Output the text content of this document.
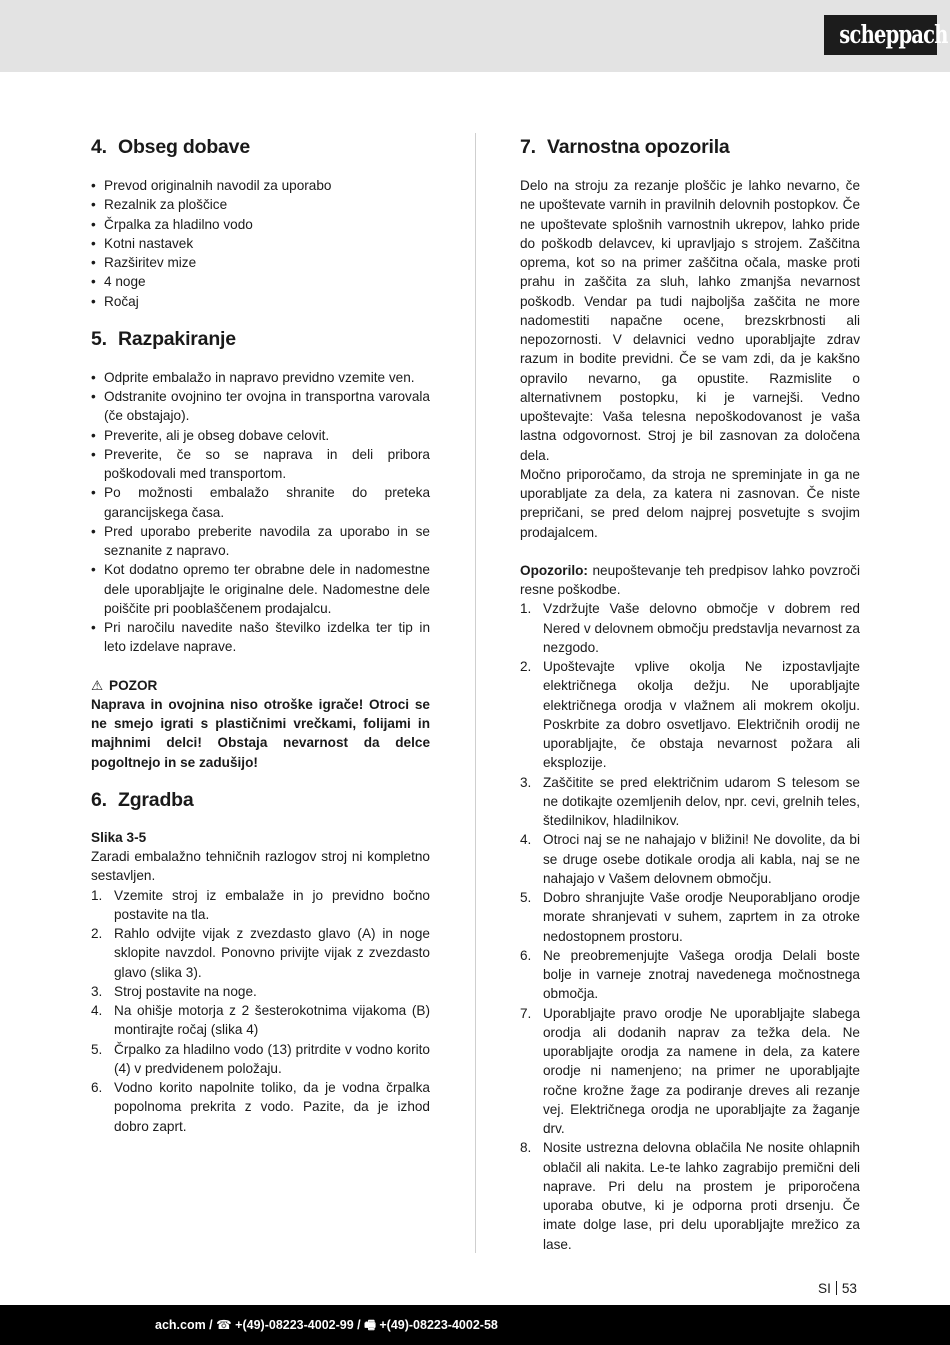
scheppach
4. Obseg dobave
• Prevod originalnih navodil za uporabo
• Rezalnik za ploščice
• Črpalka za hladilno vodo
• Kotni nastavek
• Razširitev mize
• 4 noge
• Ročaj
5. Razpakiranje
• Odprite embalažo in napravo previdno vzemite ven.
• Odstranite ovojnino ter ovojna in transportna varovala (če obstajajo).
• Preverite, ali je obseg dobave celovit.
• Preverite, če so se naprava in deli pribora poškodovali med transportom.
• Po možnosti embalažo shranite do preteka garancijskega časa.
• Pred uporabo preberite navodila za uporabo in se seznanite z napravo.
• Kot dodatno opremo ter obrabne dele in nadomestne dele uporabljajte le originalne dele. Nadomestne dele poiščite pri pooblaščenem prodajalcu.
• Pri naročilu navedite našo številko izdelka ter tip in leto izdelave naprave.
⚠ POZOR
Naprava in ovojnina niso otroške igrače! Otroci se ne smejo igrati s plastičnimi vrečkami, folijami in majhnimi delci! Obstaja nevarnost da delce pogoltnejo in se zadušijo!
6. Zgradba
Slika 3-5
Zaradi embalažno tehničnih razlogov stroj ni kompletno sestavljen.
1. Vzemite stroj iz embalaže in jo previdno bočno postavite na tla.
2. Rahlo odvijte vijak z zvezdasto glavo (A) in noge sklopite navzdol. Ponovno privijte vijak z zvezdasto glavo (slika 3).
3. Stroj postavite na noge.
4. Na ohišje motorja z 2 šesterokotnima vijakoma (B) montirajte ročaj (slika 4)
5. Črpalko za hladilno vodo (13) pritrdite v vodno korito (4) v predvidenem položaju.
6. Vodno korito napolnite toliko, da je vodna črpalka popolnoma prekrita z vodo. Pazite, da je izhod dobro zaprt.
7. Varnostna opozorila
Delo na stroju za rezanje ploščic je lahko nevarno, če ne upoštevate varnih in pravilnih delovnih postopkov. Če ne upoštevate splošnih varnostnih ukrepov, lahko pride do poškodb delavcev, ki upravljajo s strojem. Zaščitna oprema, kot so na primer zaščitna očala, maske proti prahu in zaščita za sluh, lahko zmanjša nevarnost poškodb. Vendar pa tudi najboljša zaščita ne more nadomestiti napačne ocene, brezskrbnosti ali nepozornosti. V delavnici vedno uporabljajte zdrav razum in bodite previdni. Če se vam zdi, da je kakšno opravilo nevarno, ga opustite. Razmislite o alternativnem postopku, ki je varnejši. Vedno upoštevajte: Vaša telesna nepoškodovanost je vaša lastna odgovornost. Stroj je bil zasnovan za določena dela.
Močno priporočamo, da stroja ne spreminjate in ga ne uporabljate za dela, za katera ni zasnovan. Če niste prepričani, se pred delom najprej posvetujte s svojim prodajalcem.
Opozorilo: neupoštevanje teh predpisov lahko povzroči resne poškodbe.
1. Vzdržujte Vaše delovno območje v dobrem red Nered v delovnem območju predstavlja nevarnost za nezgodo.
2. Upoštevajte vplive okolja Ne izpostavljajte električnega okolja dežju. Ne uporabljajte električnega orodja v vlažnem ali mokrem okolju. Poskrbite za dobro osvetljavo. Električnih orodij ne uporabljajte, če obstaja nevarnost požara ali eksplozije.
3. Zaščitite se pred električnim udarom S telesom se ne dotikajte ozemljenih delov, npr. cevi, grelnih teles, štedilnikov, hladilnikov.
4. Otroci naj se ne nahajajo v bližini! Ne dovolite, da bi se druge osebe dotikale orodja ali kabla, naj se ne nahajajo v Vašem delovnem območju.
5. Dobro shranjujte Vaše orodje Neuporabljano orodje morate shranjevati v suhem, zaprtem in za otroke nedostopnem prostoru.
6. Ne preobremenjujte Vašega orodja Delali boste bolje in varneje znotraj navedenega močnostnega območja.
7. Uporabljajte pravo orodje Ne uporabljajte slabega orodja ali dodanih naprav za težka dela. Ne uporabljajte orodja za namene in dela, za katere orodje ni namenjeno; na primer ne uporabljajte ročne krožne žage za podiranje dreves ali rezanje vej. Električnega orodja ne uporabljajte za žaganje drv.
8. Nosite ustrezna delovna oblačila Ne nosite ohlapnih oblačil ali nakita. Le-te lahko zagrabijo premični deli naprave. Pri delu na prostem je priporočena uporaba obutve, ki je odporna proti drsenju. Če imate dolge lase, pri delu uporabljajte mrežico za lase.
SI 53
ach.com / ☎ +(49)-08223-4002-99 / 🖷 +(49)-08223-4002-58
